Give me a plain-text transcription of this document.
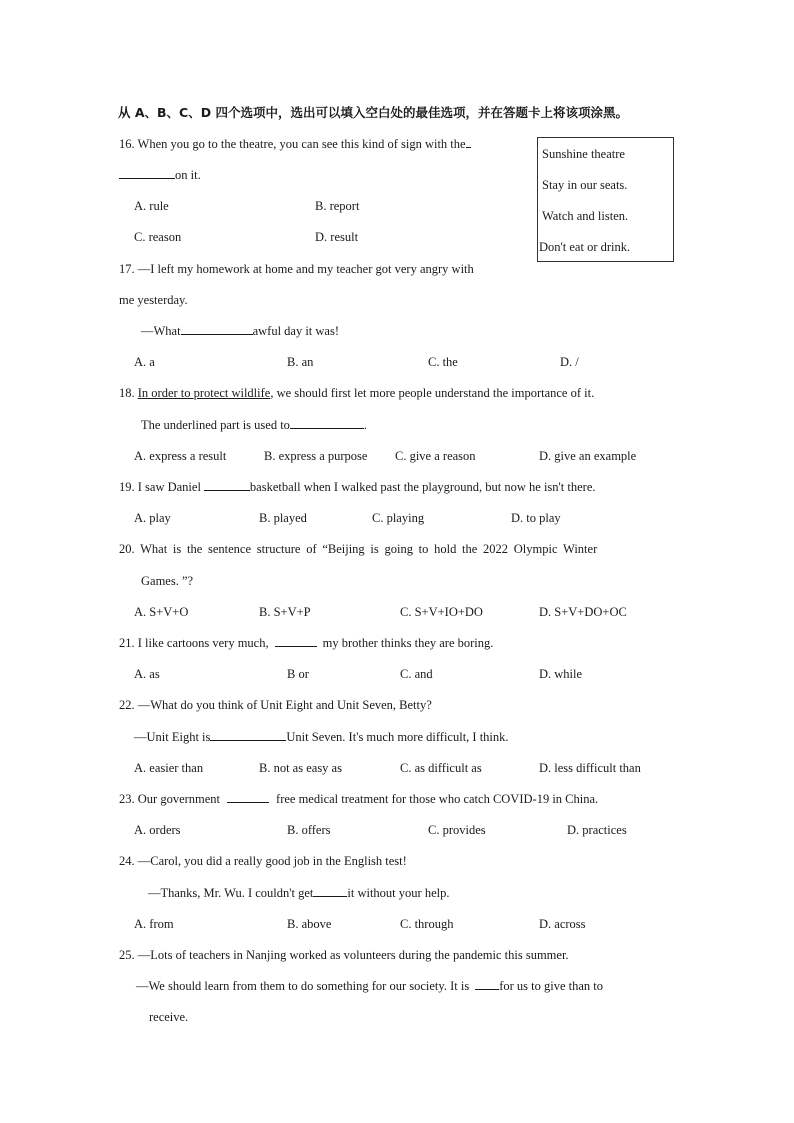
从 A、B、C、D 四个选项中，选出可以填入空白处的最佳选项，并在答题卡上将该项涂黑。
Sunshine theatre
Stay in our seats.
Watch and listen.
Don't eat or drink.
16. When you go to the theatre, you can see this kind of sign with the
on it.
A. rule	B. report
C. reason	D. result
17. —I left my homework at home and my teacher got very angry with
me yesterday.
—What	awful day it was!
A. a	B. an	C. the	D. /
18. In order to protect wildlife, we should first let more people understand the importance of it.
The underlined part is used to	.
A. express a result	B. express a purpose C. give a reason	D. give an example
19. I saw Daniel	basketball when I walked past the playground, but now he isn't there.
A. play	B. played	C. playing	D. to play
20. What is the sentence structure of “Beijing is going to hold the 2022 Olympic Winter
Games. ”?
A. S+V+O	B. S+V+P	C. S+V+IO+DO	D. S+V+DO+OC
21. I like cartoons very much,	my brother thinks they are boring.
A. as	B or	C. and	D. while
22. —What do you think of Unit Eight and Unit Seven, Betty?
—Unit Eight is	Unit Seven. It's much more difficult, I think.
A. easier than	B. not as easy as	C. as difficult as	D. less difficult than
23. Our government	free medical treatment for those who catch COVID-19 in China.
A. orders	B. offers	C. provides	D. practices
24. —Carol, you did a really good job in the English test!
—Thanks, Mr. Wu. I couldn't get	it without your help.
A. from	B. above	C. through	D. across
25. —Lots of teachers in Nanjing worked as volunteers during the pandemic this summer.
—We should learn from them to do something for our society. It is for us to give than to
receive.
